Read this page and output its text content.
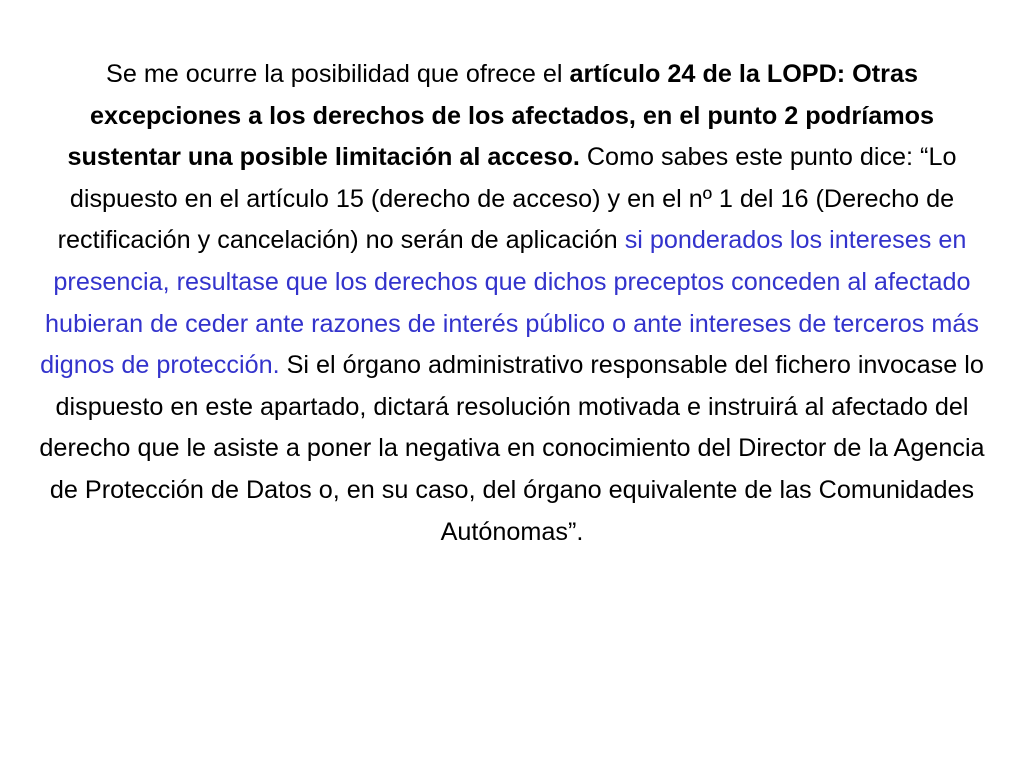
Se me ocurre la posibilidad que ofrece el artículo 24 de la LOPD: Otras excepciones a los derechos de los afectados, en el punto 2 podríamos sustentar una posible limitación al acceso. Como sabes este punto dice: “Lo dispuesto en el artículo 15 (derecho de acceso) y en el nº 1 del 16 (Derecho de rectificación y cancelación) no serán de aplicación si ponderados los intereses en presencia, resultase que los derechos que dichos preceptos conceden al afectado hubieran de ceder ante razones de interés público o ante intereses de terceros más dignos de protección. Si el órgano administrativo responsable del fichero invocase lo dispuesto en este apartado, dictará resolución motivada e instruirá al afectado del derecho que le asiste a poner la negativa en conocimiento del Director de la Agencia de Protección de Datos o, en su caso, del órgano equivalente de las Comunidades Autónomas”.
